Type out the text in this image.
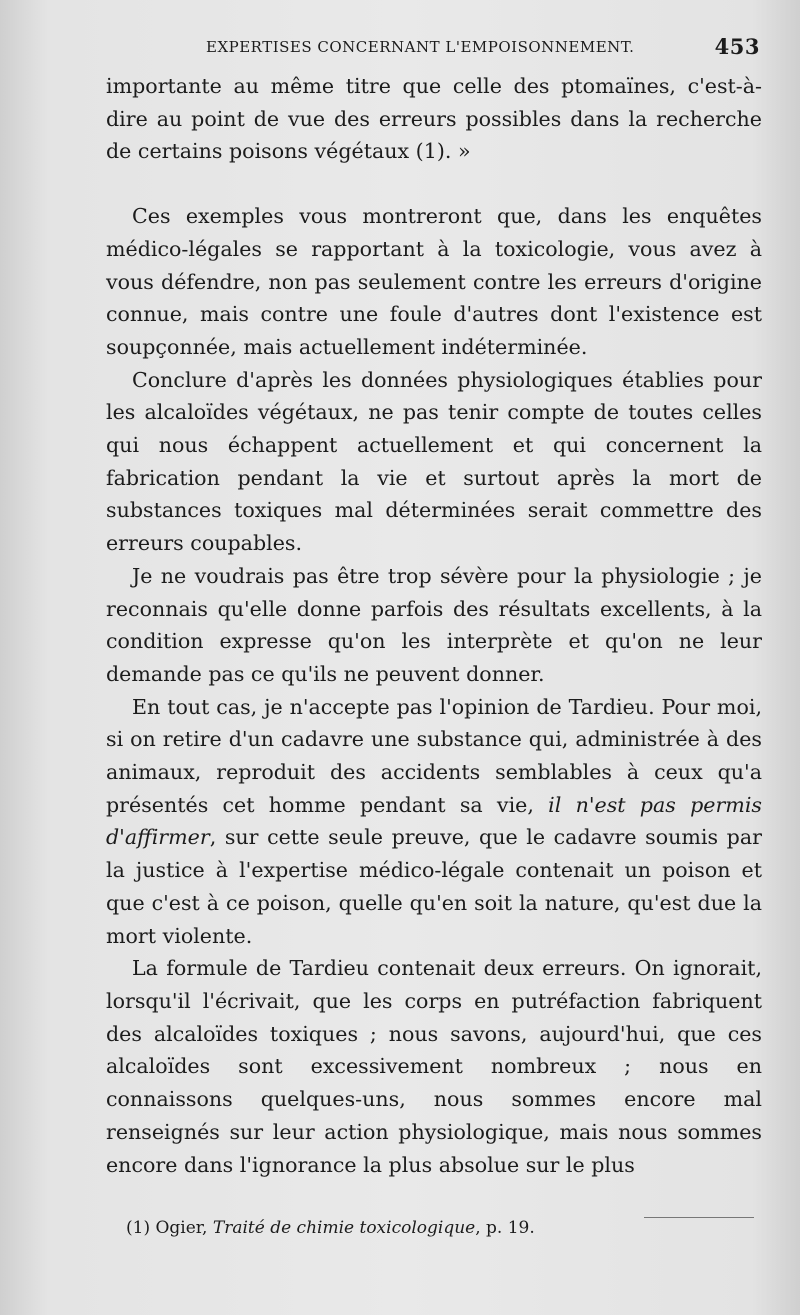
EXPERTISES CONCERNANT L'EMPOISONNEMENT.	453

importante au même titre que celle des ptomaïnes, c'est-à-dire au point de vue des erreurs possibles dans la recherche de certains poisons végétaux (1). »

Ces exemples vous montreront que, dans les enquêtes médico-légales se rapportant à la toxicologie, vous avez à vous défendre, non pas seulement contre les erreurs d'origine connue, mais contre une foule d'autres dont l'existence est soupçonnée, mais actuellement indéterminée.

Conclure d'après les données physiologiques établies pour les alcaloïdes végétaux, ne pas tenir compte de toutes celles qui nous échappent actuellement et qui concernent la fabrication pendant la vie et surtout après la mort de substances toxiques mal déterminées serait commettre des erreurs coupables.

Je ne voudrais pas être trop sévère pour la physiologie ; je reconnais qu'elle donne parfois des résultats excellents, à la condition expresse qu'on les interprète et qu'on ne leur demande pas ce qu'ils ne peuvent donner.

En tout cas, je n'accepte pas l'opinion de Tardieu. Pour moi, si on retire d'un cadavre une substance qui, administrée à des animaux, reproduit des accidents semblables à ceux qu'a présentés cet homme pendant sa vie, il n'est pas permis d'affirmer, sur cette seule preuve, que le cadavre soumis par la justice à l'expertise médico-légale contenait un poison et que c'est à ce poison, quelle qu'en soit la nature, qu'est due la mort violente.

La formule de Tardieu contenait deux erreurs. On ignorait, lorsqu'il l'écrivait, que les corps en putréfaction fabriquent des alcaloïdes toxiques ; nous savons, aujourd'hui, que ces alcaloïdes sont excessivement nombreux ; nous en connaissons quelques-uns, nous sommes encore mal renseignés sur leur action physiologique, mais nous sommes encore dans l'ignorance la plus absolue sur le plus

(1) Ogier, Traité de chimie toxicologique, p. 19.
